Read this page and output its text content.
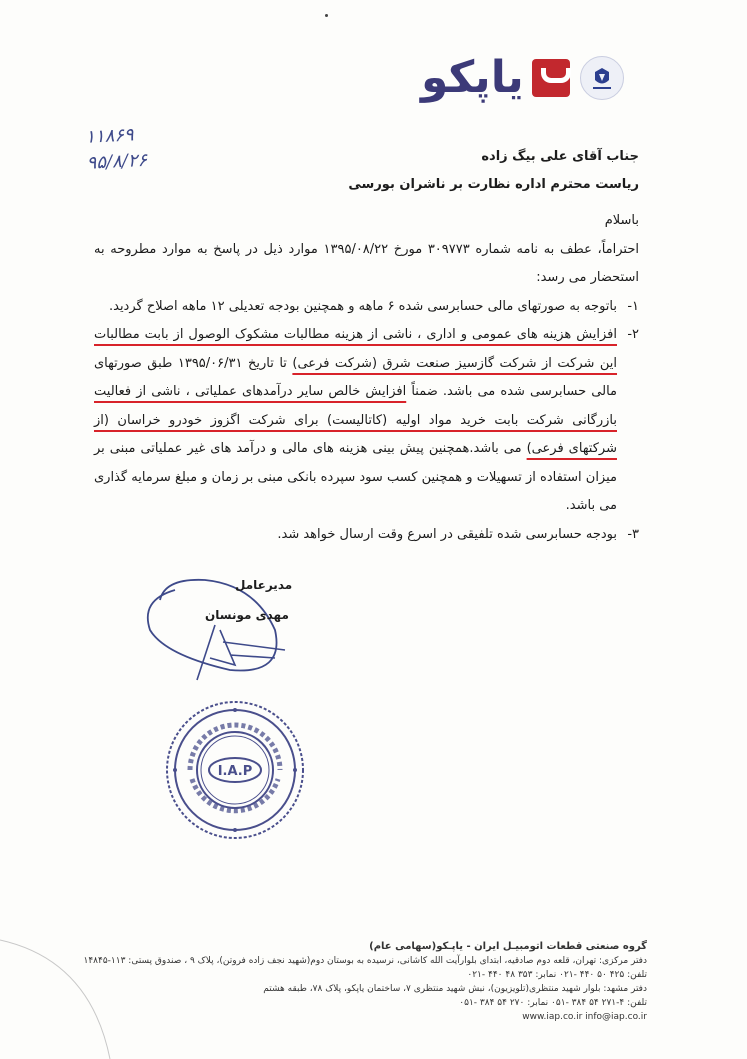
یاپکو
۱۱۸۶۹
۹۵/۸/۲۶	جناب آقای علی بیگ زاده
ریاست محترم اداره نظارت بر ناشران بورسی

باسلام

احتراماً، عطف به نامه شماره ۳۰۹۷۷۳ مورخ ۱۳۹۵/۰۸/۲۲ موارد ذیل در پاسخ به موارد مطروحه به استحضار می رسد:

۱-
باتوجه به صورتهای مالی حسابرسی شده ۶ ماهه و همچنین بودجه تعدیلی ۱۲ ماهه اصلاح گردید.
۲-
افزایش هزینه های عمومی و اداری ، ناشی از هزینه مطالبات مشکوک الوصول از بابت مطالبات این شرکت از شرکت گازسیز صنعت شرق (شرکت فرعی) تا تاریخ ۱۳۹۵/۰۶/۳۱ طبق صورتهای مالی حسابرسی شده می باشد. ضمناً افزایش خالص سایر درآمدهای عملیاتی ، ناشی از فعالیت بازرگانی شرکت بابت خرید مواد اولیه (کاتالیست) برای شرکت اگزوز خودرو خراسان (از شرکتهای فرعی) می باشد.همچنین پیش بینی هزینه های مالی و درآمد های غیر عملیاتی مبنی بر میزان استفاده از تسهیلات و همچنین کسب سود سپرده بانکی مبنی بر زمان و مبلغ سرمایه گذاری می باشد.
۳-
بودجه حسابرسی شده تلفیقی در اسرع وقت ارسال خواهد شد.
مدیرعامل
مهدی مونسان
I.A.P
گروه صنعتی قطعات اتومبیـل ایران - یاپـکو(سهامی عام)
دفتر مرکزی: تهران، قلعه دوم صادقیه، ابتدای بلوارآیت الله کاشانی، نرسیده به بوستان دوم(شهید نجف زاده فروتن)، پلاک ۹ ، صندوق پستی: ۱۱۳-۱۴۸۴۵
تلفن: ۴۲۵ ۵۰ ۴۴۰ -۰۲۱ نمابر: ۳۵۳ ۴۸ ۴۴۰ -۰۲۱
دفتر مشهد: بلوار شهید منتظری(تلویزیون)، نبش شهید منتظری ۷، ساختمان یاپکو، پلاک ۷۸، طبقه هشتم
تلفن: ۴-۲۷۱ ۵۴ ۳۸۴ -۰۵۱ نمابر: ۲۷۰ ۵۴ ۳۸۴ -۰۵۱
www.iap.co.ir info@iap.co.ir
